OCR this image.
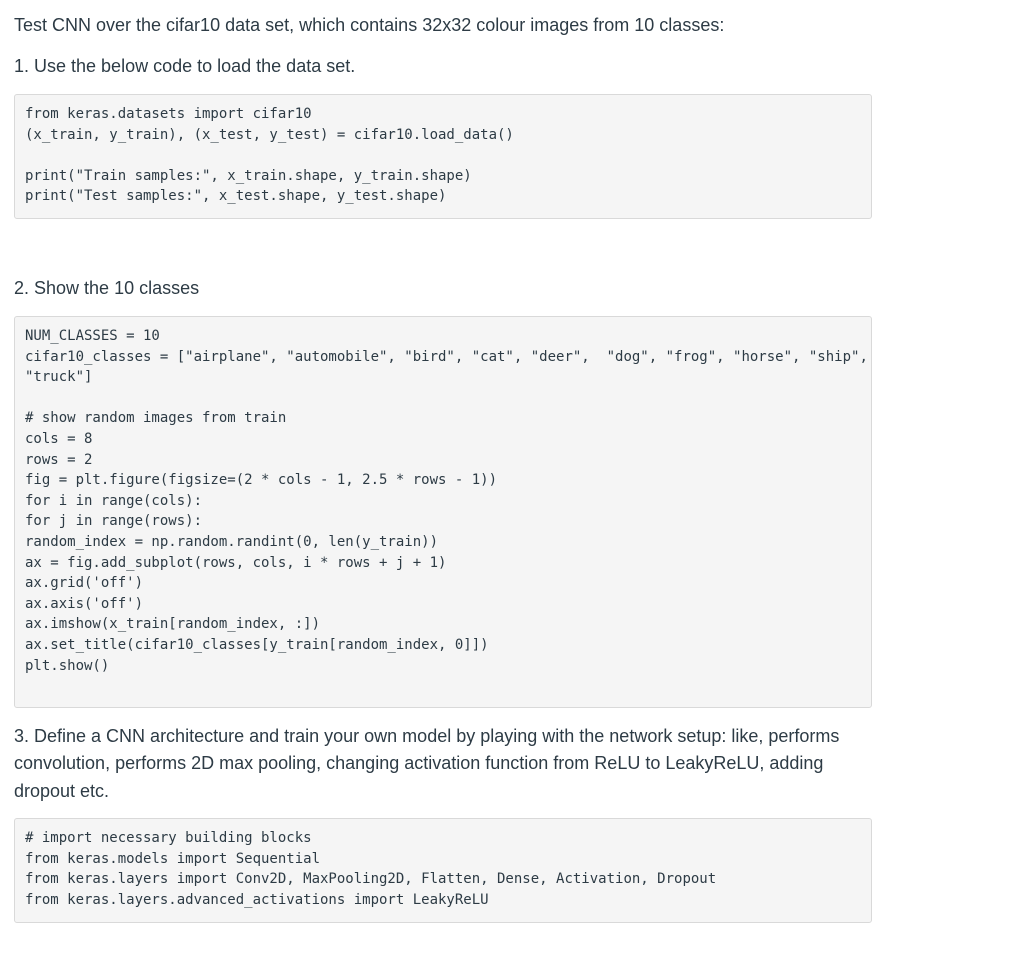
Test CNN over the cifar10 data set, which contains 32x32 colour images from 10 classes:

1. Use the below code to load the data set.

from keras.datasets import cifar10
(x_train, y_train), (x_test, y_test) = cifar10.load_data()
print("Train samples:", x_train.shape, y_train.shape)
print("Test samples:", x_test.shape, y_test.shape)

2. Show the 10 classes

NUM_CLASSES = 10
cifar10_classes = ["airplane", "automobile", "bird", "cat", "deer",  "dog", "frog", "horse", "ship",
"truck"]
# show random images from train
cols = 8
rows = 2
fig = plt.figure(figsize=(2 * cols - 1, 2.5 * rows - 1))
for i in range(cols):
for j in range(rows):
random_index = np.random.randint(0, len(y_train))
ax = fig.add_subplot(rows, cols, i * rows + j + 1)
ax.grid('off')
ax.axis('off')
ax.imshow(x_train[random_index, :])
ax.set_title(cifar10_classes[y_train[random_index, 0]])
plt.show()

3. Define a CNN architecture and train your own model by playing with the network setup: like, performs

convolution, performs 2D max pooling, changing activation function from ReLU to LeakyReLU, adding

dropout etc.

# import necessary building blocks
from keras.models import Sequential
from keras.layers import Conv2D, MaxPooling2D, Flatten, Dense, Activation, Dropout
from keras.layers.advanced_activations import LeakyReLU
